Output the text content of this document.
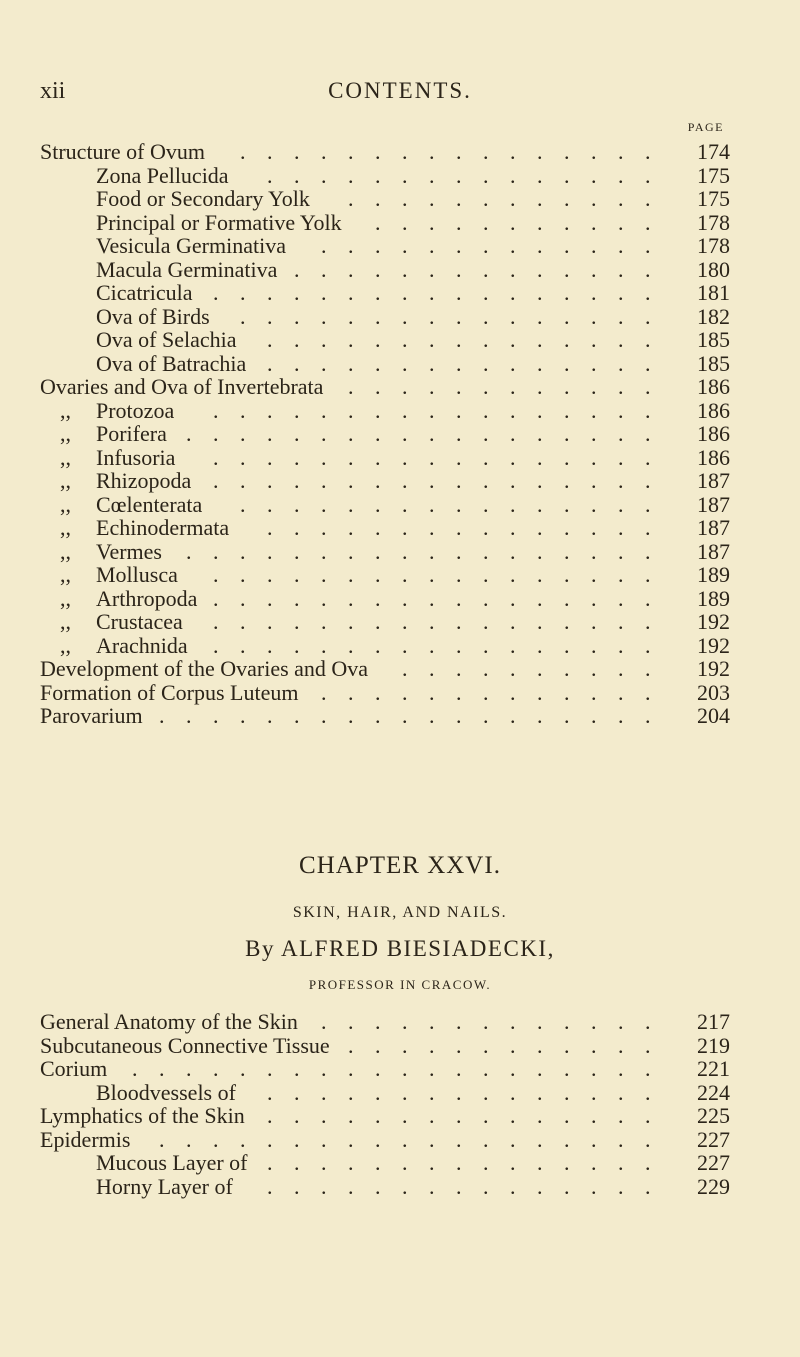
xii	CONTENTS.
PAGE
Structure of Ovum ................	174
Zona Pellucida ...............	175
Food or Secondary Yolk ............	175
Principal or Formative Yolk ...........	178
Vesicula Germinativa .............	178
Macula Germinativa ..............	180
Cicatricula .................	181
Ova of Birds ................	182
Ova of Selachia ...............	185
Ova of Batrachia ...............	185
Ovaries and Ova of Invertebrata ............	186
,, Protozoa .................	186
,, Porifera ..................	186
,, Infusoria .................	186
,, Rhizopoda .................	187
,, Cœlenterata ................	187
,, Echinodermata ...............	187
,, Vermes ..................	187
,, Mollusca .................	189
,, Arthropoda .................	189
,, Crustacea .................	192
,, Arachnida .................	192
Development of the Ovaries and Ova ..........	192
Formation of Corpus Luteum .............	203
Parovarium ...................	204
CHAPTER XXVI.
SKIN, HAIR, AND NAILS.
By ALFRED BIESIADECKI,
PROFESSOR IN CRACOW.
General Anatomy of the Skin .............	217
Subcutaneous Connective Tissue ............	219
Corium ....................	221
Bloodvessels of ...............	224
Lymphatics of the Skin ...............	225
Epidermis ...................	227
Mucous Layer of ...............	227
Horny Layer of ...............	229
